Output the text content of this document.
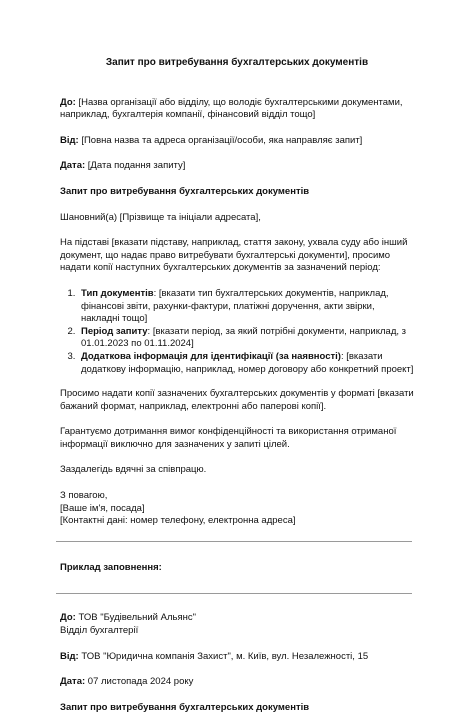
Запит про витребування бухгалтерських документів

До: [Назва організації або відділу, що володіє бухгалтерськими документами, наприклад, бухгалтерія компанії, фінансовий відділ тощо]

Від: [Повна назва та адреса організації/особи, яка направляє запит]

Дата: [Дата подання запиту]

Запит про витребування бухгалтерських документів

Шановний(а) [Прізвище та ініціали адресата],

На підставі [вказати підставу, наприклад, стаття закону, ухвала суду або інший документ, що надає право витребувати бухгалтерські документи], просимо надати копії наступних бухгалтерських документів за зазначений період:

1. Тип документів: [вказати тип бухгалтерських документів, наприклад, фінансові звіти, рахунки-фактури, платіжні доручення, акти звірки, накладні тощо]
2. Період запиту: [вказати період, за який потрібні документи, наприклад, з 01.01.2023 по 01.11.2024]
3. Додаткова інформація для ідентифікації (за наявності): [вказати додаткову інформацію, наприклад, номер договору або конкретний проект]

Просимо надати копії зазначених бухгалтерських документів у форматі [вказати бажаний формат, наприклад, електронні або паперові копії].

Гарантуємо дотримання вимог конфіденційності та використання отриманої інформації виключно для зазначених у запиті цілей.

Заздалегідь вдячні за співпрацю.

З повагою,

[Ваше ім'я, посада]

[Контактні дані: номер телефону, електронна адреса]

Приклад заповнення:

До: ТОВ "Будівельний Альянс"
Відділ бухгалтерії

Від: ТОВ "Юридична компанія Захист", м. Київ, вул. Незалежності, 15

Дата: 07 листопада 2024 року

Запит про витребування бухгалтерських документів
